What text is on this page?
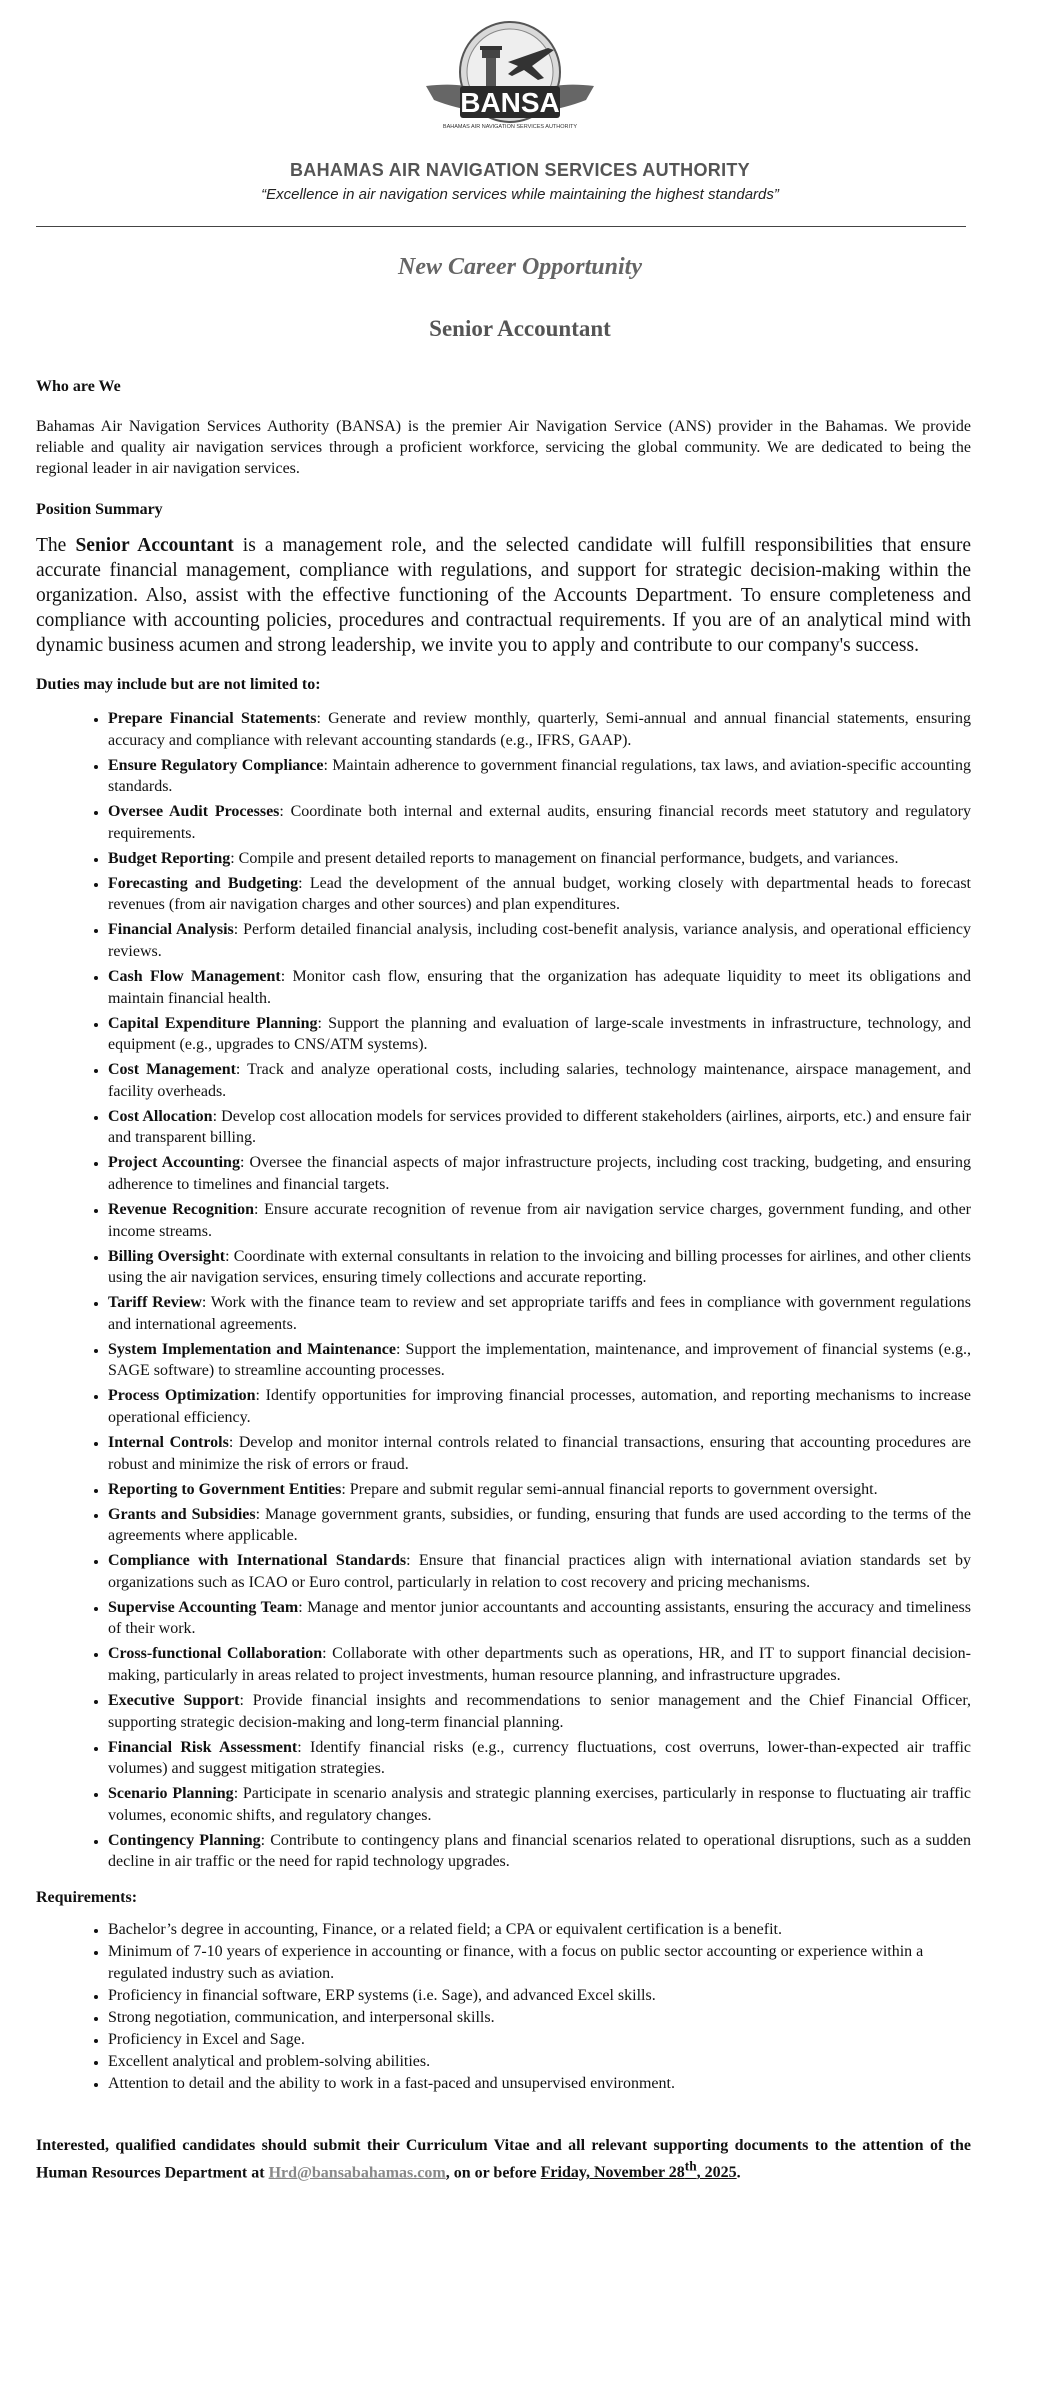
BANSA
BAHAMAS AIR NAVIGATION SERVICES AUTHORITY
BAHAMAS AIR NAVIGATION SERVICES AUTHORITY
“Excellence in air navigation services while maintaining the highest standards”
New Career Opportunity
Senior Accountant
Who are We

Bahamas Air Navigation Services Authority (BANSA) is the premier Air Navigation Service (ANS) provider in the Bahamas. We provide reliable and quality air navigation services through a proficient workforce, servicing the global community. We are dedicated to being the regional leader in air navigation services.

Position Summary

The Senior Accountant is a management role, and the selected candidate will fulfill responsibilities that ensure accurate financial management, compliance with regulations, and support for strategic decision-making within the organization. Also, assist with the effective functioning of the Accounts Department. To ensure completeness and compliance with accounting policies, procedures and contractual requirements. If you are of an analytical mind with dynamic business acumen and strong leadership, we invite you to apply and contribute to our company's success.

Duties may include but are not limited to:
• Prepare Financial Statements: Generate and review monthly, quarterly, Semi-annual and annual financial statements, ensuring accuracy and compliance with relevant accounting standards (e.g., IFRS, GAAP).
• Ensure Regulatory Compliance: Maintain adherence to government financial regulations, tax laws, and aviation-specific accounting standards.
• Oversee Audit Processes: Coordinate both internal and external audits, ensuring financial records meet statutory and regulatory requirements.
• Budget Reporting: Compile and present detailed reports to management on financial performance, budgets, and variances.
• Forecasting and Budgeting: Lead the development of the annual budget, working closely with departmental heads to forecast revenues (from air navigation charges and other sources) and plan expenditures.
• Financial Analysis: Perform detailed financial analysis, including cost-benefit analysis, variance analysis, and operational efficiency reviews.
• Cash Flow Management: Monitor cash flow, ensuring that the organization has adequate liquidity to meet its obligations and maintain financial health.
• Capital Expenditure Planning: Support the planning and evaluation of large-scale investments in infrastructure, technology, and equipment (e.g., upgrades to CNS/ATM systems).
• Cost Management: Track and analyze operational costs, including salaries, technology maintenance, airspace management, and facility overheads.
• Cost Allocation: Develop cost allocation models for services provided to different stakeholders (airlines, airports, etc.) and ensure fair and transparent billing.
• Project Accounting: Oversee the financial aspects of major infrastructure projects, including cost tracking, budgeting, and ensuring adherence to timelines and financial targets.
• Revenue Recognition: Ensure accurate recognition of revenue from air navigation service charges, government funding, and other income streams.
• Billing Oversight: Coordinate with external consultants in relation to the invoicing and billing processes for airlines, and other clients using the air navigation services, ensuring timely collections and accurate reporting.
• Tariff Review: Work with the finance team to review and set appropriate tariffs and fees in compliance with government regulations and international agreements.
• System Implementation and Maintenance: Support the implementation, maintenance, and improvement of financial systems (e.g., SAGE software) to streamline accounting processes.
• Process Optimization: Identify opportunities for improving financial processes, automation, and reporting mechanisms to increase operational efficiency.
• Internal Controls: Develop and monitor internal controls related to financial transactions, ensuring that accounting procedures are robust and minimize the risk of errors or fraud.
• Reporting to Government Entities: Prepare and submit regular semi-annual financial reports to government oversight.
• Grants and Subsidies: Manage government grants, subsidies, or funding, ensuring that funds are used according to the terms of the agreements where applicable.
• Compliance with International Standards: Ensure that financial practices align with international aviation standards set by organizations such as ICAO or Euro control, particularly in relation to cost recovery and pricing mechanisms.
• Supervise Accounting Team: Manage and mentor junior accountants and accounting assistants, ensuring the accuracy and timeliness of their work.
• Cross-functional Collaboration: Collaborate with other departments such as operations, HR, and IT to support financial decision-making, particularly in areas related to project investments, human resource planning, and infrastructure upgrades.
• Executive Support: Provide financial insights and recommendations to senior management and the Chief Financial Officer, supporting strategic decision-making and long-term financial planning.
• Financial Risk Assessment: Identify financial risks (e.g., currency fluctuations, cost overruns, lower-than-expected air traffic volumes) and suggest mitigation strategies.
• Scenario Planning: Participate in scenario analysis and strategic planning exercises, particularly in response to fluctuating air traffic volumes, economic shifts, and regulatory changes.
• Contingency Planning: Contribute to contingency plans and financial scenarios related to operational disruptions, such as a sudden decline in air traffic or the need for rapid technology upgrades.
Requirements:
• Bachelor’s degree in accounting, Finance, or a related field; a CPA or equivalent certification is a benefit.
• Minimum of 7-10 years of experience in accounting or finance, with a focus on public sector accounting or experience within a regulated industry such as aviation.
• Proficiency in financial software, ERP systems (i.e. Sage), and advanced Excel skills.
• Strong negotiation, communication, and interpersonal skills.
• Proficiency in Excel and Sage.
• Excellent analytical and problem-solving abilities.
• Attention to detail and the ability to work in a fast-paced and unsupervised environment.

Interested, qualified candidates should submit their Curriculum Vitae and all relevant supporting documents to the attention of the Human Resources Department at Hrd@bansabahamas.com, on or before Friday, November 28th, 2025.
